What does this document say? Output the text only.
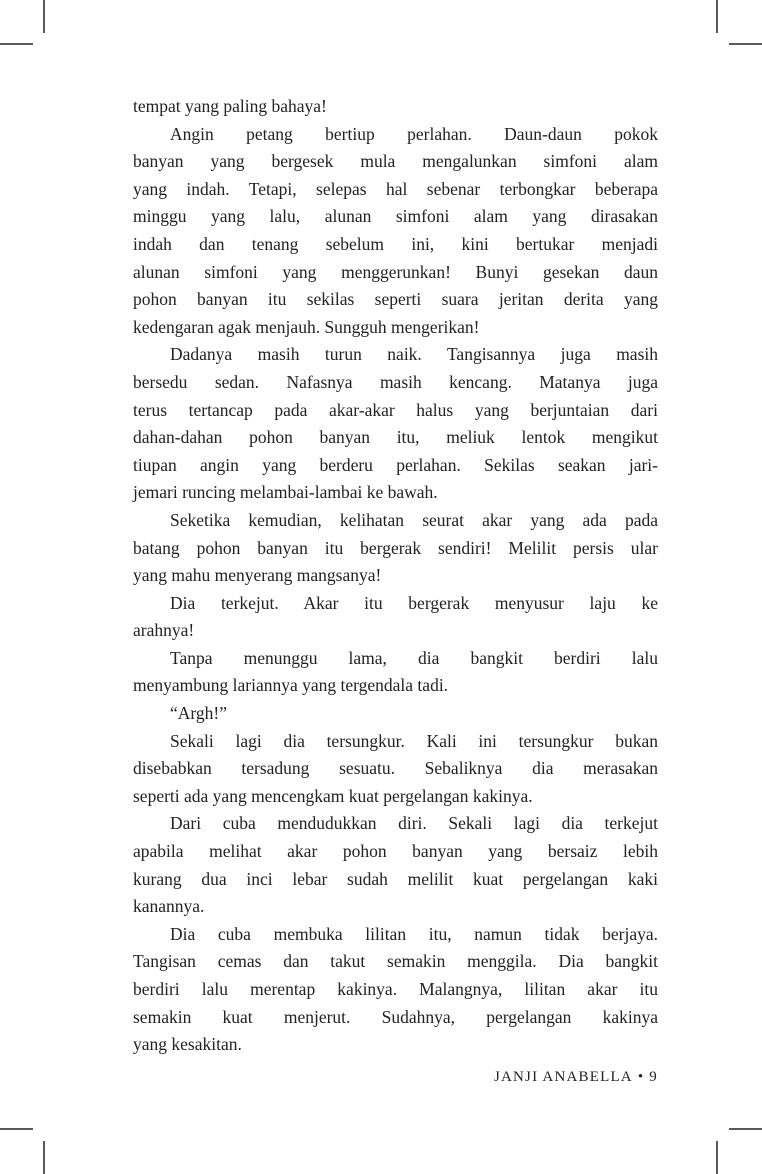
tempat yang paling bahaya!
Angin petang bertiup perlahan. Daun-daun pokok
banyan yang bergesek mula mengalunkan simfoni alam
yang indah. Tetapi, selepas hal sebenar terbongkar beberapa
minggu yang lalu, alunan simfoni alam yang dirasakan
indah dan tenang sebelum ini, kini bertukar menjadi
alunan simfoni yang menggerunkan! Bunyi gesekan daun
pohon banyan itu sekilas seperti suara jeritan derita yang
kedengaran agak menjauh. Sungguh mengerikan!
Dadanya masih turun naik. Tangisannya juga masih
bersedu sedan. Nafasnya masih kencang. Matanya juga
terus tertancap pada akar-akar halus yang berjuntaian dari
dahan-dahan pohon banyan itu, meliuk lentok mengikut
tiupan angin yang berderu perlahan. Sekilas seakan jari-
jemari runcing melambai-lambai ke bawah.
Seketika kemudian, kelihatan seurat akar yang ada pada
batang pohon banyan itu bergerak sendiri! Melilit persis ular
yang mahu menyerang mangsanya!
Dia terkejut. Akar itu bergerak menyusur laju ke
arahnya!
Tanpa menunggu lama, dia bangkit berdiri lalu
menyambung lariannya yang tergendala tadi.
“Argh!”
Sekali lagi dia tersungkur. Kali ini tersungkur bukan
disebabkan tersadung sesuatu. Sebaliknya dia merasakan
seperti ada yang mencengkam kuat pergelangan kakinya.
Dari cuba mendudukkan diri. Sekali lagi dia terkejut
apabila melihat akar pohon banyan yang bersaiz lebih
kurang dua inci lebar sudah melilit kuat pergelangan kaki
kanannya.
Dia cuba membuka lilitan itu, namun tidak berjaya.
Tangisan cemas dan takut semakin menggila. Dia bangkit
berdiri lalu merentap kakinya. Malangnya, lilitan akar itu
semakin kuat menjerut. Sudahnya, pergelangan kakinya
yang kesakitan.
JANJI ANABELLA • 9
